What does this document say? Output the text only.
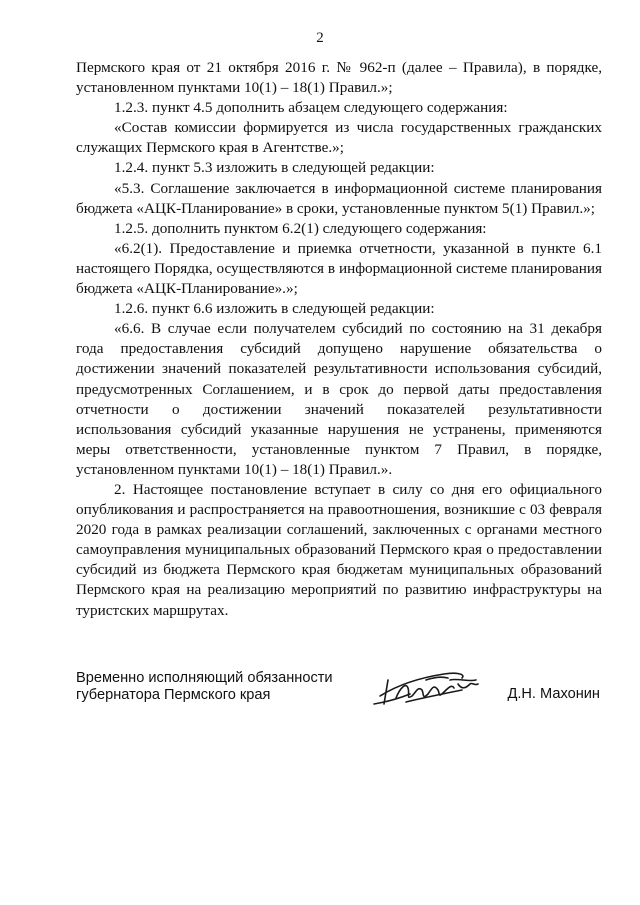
2

Пермского края от 21 октября 2016 г. № 962-п (далее – Правила), в порядке, установленном пунктами 10(1) – 18(1) Правил.»;

1.2.3. пункт 4.5 дополнить абзацем следующего содержания:

«Состав комиссии формируется из числа государственных гражданских служащих Пермского края в Агентстве.»;

1.2.4. пункт 5.3 изложить в следующей редакции:

«5.3. Соглашение заключается в информационной системе планирования бюджета «АЦК-Планирование» в сроки, установленные пунктом 5(1) Правил.»;

1.2.5. дополнить пунктом 6.2(1) следующего содержания:

«6.2(1). Предоставление и приемка отчетности, указанной в пункте 6.1 настоящего Порядка, осуществляются в информационной системе планирования бюджета «АЦК-Планирование».»;

1.2.6. пункт 6.6 изложить в следующей редакции:

«6.6. В случае если получателем субсидий по состоянию на 31 декабря года предоставления субсидий допущено нарушение обязательства о достижении значений показателей результативности использования субсидий, предусмотренных Соглашением, и в срок до первой даты предоставления отчетности о достижении значений показателей результативности использования субсидий указанные нарушения не устранены, применяются меры ответственности, установленные пунктом 7 Правил, в порядке, установленном пунктами 10(1) – 18(1) Правил.».

2. Настоящее постановление вступает в силу со дня его официального опубликования и распространяется на правоотношения, возникшие с 03 февраля 2020 года в рамках реализации соглашений, заключенных с органами местного самоуправления муниципальных образований Пермского края о предоставлении субсидий из бюджета Пермского края бюджетам муниципальных образований Пермского края на реализацию мероприятий по развитию инфраструктуры на туристских маршрутах.

Временно исполняющий обязанности
губернатора Пермского края	Д.Н. Махонин
